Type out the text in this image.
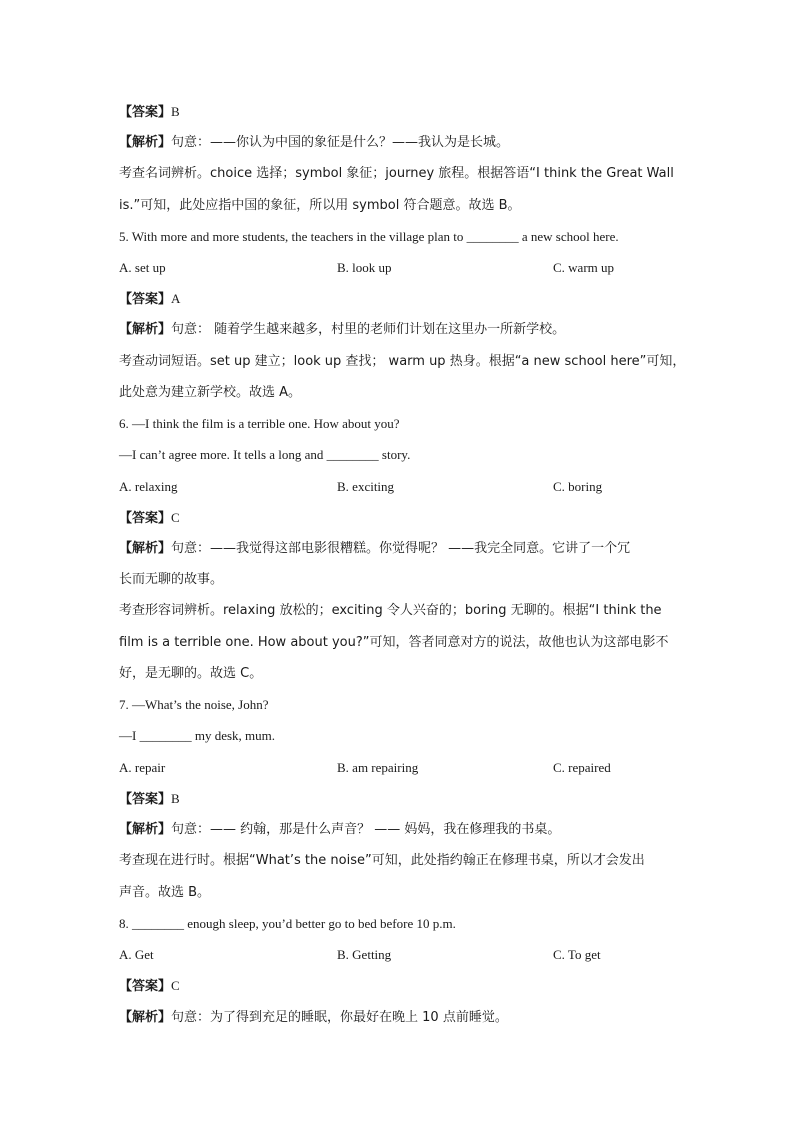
【答案】B
【解析】句意：——你认为中国的象征是什么？——我认为是长城。
考查名词辨析。choice 选择；symbol 象征；journey 旅程。根据答语“I think the Great Wall
is.”可知，此处应指中国的象征，所以用 symbol 符合题意。故选 B。
5. With more and more students, the teachers in the village plan to ________ a new school here.
A. set up	B. look up	C. warm up
【答案】A
【解析】句意： 随着学生越来越多，村里的老师们计划在这里办一所新学校。
考查动词短语。set up 建立；look up 查找； warm up 热身。根据“a new school here”可知，
此处意为建立新学校。故选 A。
6. —I think the film is a terrible one. How about you?
—I can’t agree more. It tells a long and ________ story.
A. relaxing	B. exciting	C. boring
【答案】C
【解析】句意：——我觉得这部电影很糟糕。你觉得呢？ ——我完全同意。它讲了一个冗
长而无聊的故事。
考查形容词辨析。relaxing 放松的；exciting 令人兴奋的；boring 无聊的。根据“I think the
film is a terrible one. How about you?”可知，答者同意对方的说法，故他也认为这部电影不
好，是无聊的。故选 C。
7. —What’s the noise, John?
—I ________ my desk, mum.
A. repair	B. am repairing	C. repaired
【答案】B
【解析】句意：—— 约翰，那是什么声音？ —— 妈妈，我在修理我的书桌。
考查现在进行时。根据“What’s the noise”可知，此处指约翰正在修理书桌，所以才会发出
声音。故选 B。
8. ________ enough sleep, you’d better go to bed before 10 p.m.
A. Get	B. Getting	C. To get
【答案】C
【解析】句意：为了得到充足的睡眠，你最好在晚上 10 点前睡觉。
